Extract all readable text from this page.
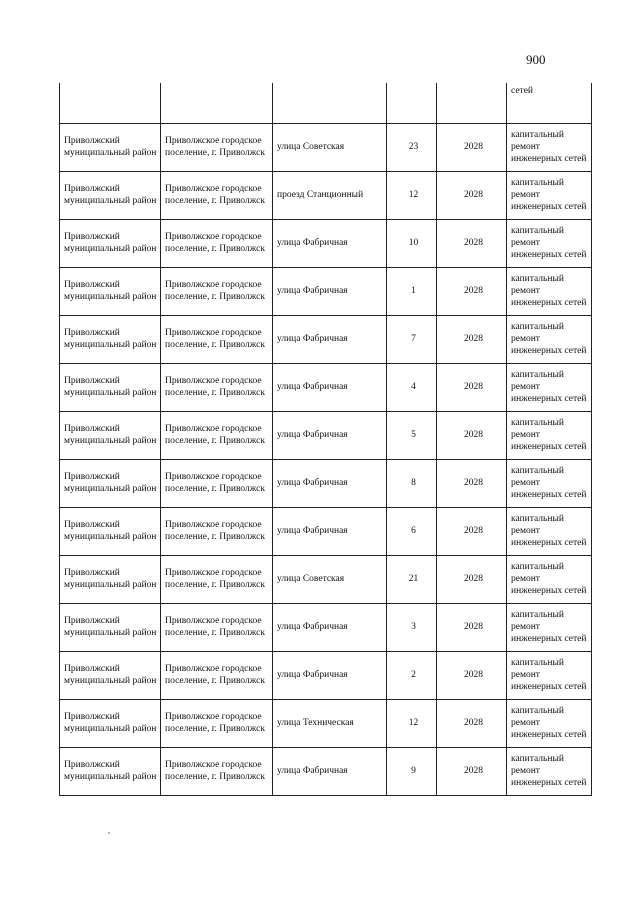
900

					сетей

Приволжский муниципальный район	Приволжское городское поселение, г. Приволжск	улица Советская	23	2028	капитальный ремонт инженерных сетей
Приволжский муниципальный район	Приволжское городское поселение, г. Приволжск	проезд Станционный	12	2028	капитальный ремонт инженерных сетей
Приволжский муниципальный район	Приволжское городское поселение, г. Приволжск	улица Фабричная	10	2028	капитальный ремонт инженерных сетей
Приволжский муниципальный район	Приволжское городское поселение, г. Приволжск	улица Фабричная	1	2028	капитальный ремонт инженерных сетей
Приволжский муниципальный район	Приволжское городское поселение, г. Приволжск	улица Фабричная	7	2028	капитальный ремонт инженерных сетей
Приволжский муниципальный район	Приволжское городское поселение, г. Приволжск	улица Фабричная	4	2028	капитальный ремонт инженерных сетей
Приволжский муниципальный район	Приволжское городское поселение, г. Приволжск	улица Фабричная	5	2028	капитальный ремонт инженерных сетей
Приволжский муниципальный район	Приволжское городское поселение, г. Приволжск	улица Фабричная	8	2028	капитальный ремонт инженерных сетей
Приволжский муниципальный район	Приволжское городское поселение, г. Приволжск	улица Фабричная	6	2028	капитальный ремонт инженерных сетей
Приволжский муниципальный район	Приволжское городское поселение, г. Приволжск	улица Советская	21	2028	капитальный ремонт инженерных сетей
Приволжский муниципальный район	Приволжское городское поселение, г. Приволжск	улица Фабричная	3	2028	капитальный ремонт инженерных сетей
Приволжский муниципальный район	Приволжское городское поселение, г. Приволжск	улица Фабричная	2	2028	капитальный ремонт инженерных сетей
Приволжский муниципальный район	Приволжское городское поселение, г. Приволжск	улица Техническая	12	2028	капитальный ремонт инженерных сетей
Приволжский муниципальный район	Приволжское городское поселение, г. Приволжск	улица Фабричная	9	2028	капитальный ремонт инженерных сетей
